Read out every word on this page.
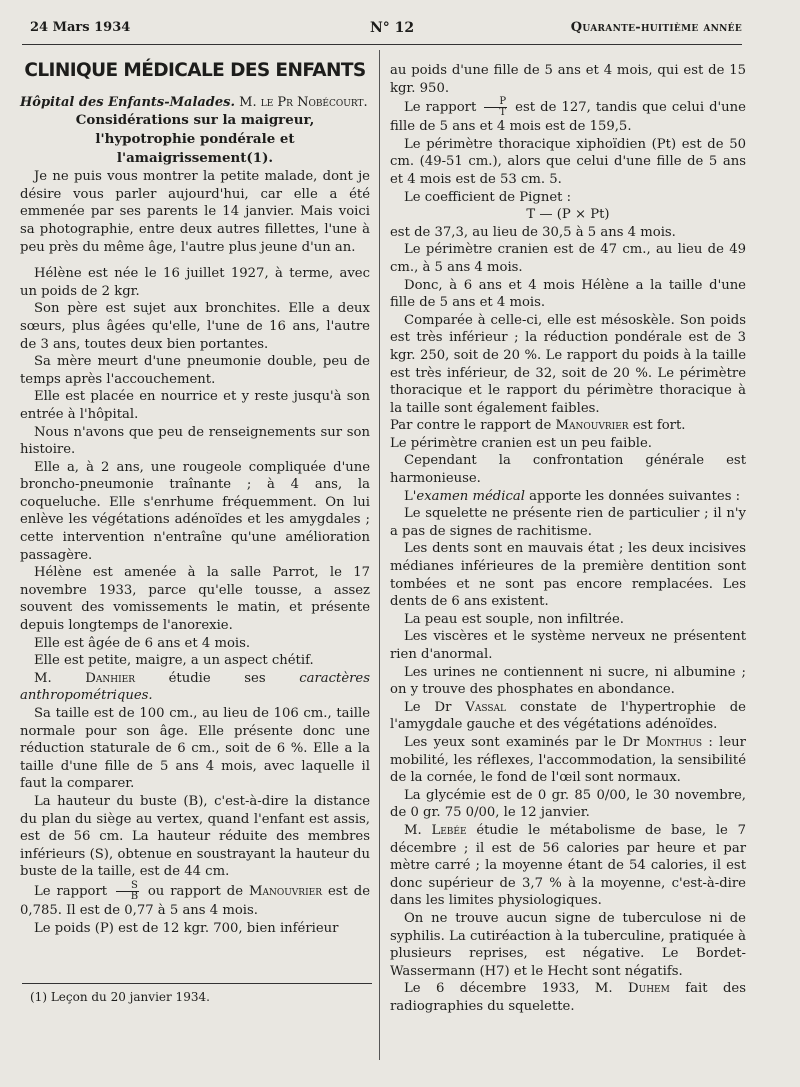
24 Mars 1934	N° 12	Quarante-huitième année
CLINIQUE MÉDICALE DES ENFANTS

Hôpital des Enfants-Malades. M. le Pr Nobécourt.

Considérations sur la maigreur,
l'hypotrophie pondérale et l'amaigrissement(1).

Je ne puis vous montrer la petite malade, dont je désire vous parler aujourd'hui, car elle a été emmenée par ses parents le 14 janvier. Mais voici sa photographie, entre deux autres fillettes, l'une à peu près du même âge, l'autre plus jeune d'un an.

Hélène est née le 16 juillet 1927, à terme, avec un poids de 2 kgr.

Son père est sujet aux bronchites. Elle a deux sœurs, plus âgées qu'elle, l'une de 16 ans, l'autre de 3 ans, toutes deux bien portantes.

Sa mère meurt d'une pneumonie double, peu de temps après l'accouchement.

Elle est placée en nourrice et y reste jusqu'à son entrée à l'hôpital.

Nous n'avons que peu de renseignements sur son histoire.

Elle a, à 2 ans, une rougeole compliquée d'une broncho-pneumonie traînante ; à 4 ans, la coqueluche. Elle s'enrhume fréquemment. On lui enlève les végétations adénoïdes et les amygdales ; cette intervention n'entraîne qu'une amélioration passagère.

Hélène est amenée à la salle Parrot, le 17 novembre 1933, parce qu'elle tousse, a assez souvent des vomissements le matin, et présente depuis longtemps de l'anorexie.

Elle est âgée de 6 ans et 4 mois.

Elle est petite, maigre, a un aspect chétif.

M. Danhier étudie ses caractères anthropométriques.

Sa taille est de 100 cm., au lieu de 106 cm., taille normale pour son âge. Elle présente donc une réduction staturale de 6 cm., soit de 6 %. Elle a la taille d'une fille de 5 ans 4 mois, avec laquelle il faut la comparer.

La hauteur du buste (B), c'est-à-dire la distance du plan du siège au vertex, quand l'enfant est assis, est de 56 cm. La hauteur réduite des membres inférieurs (S), obtenue en soustrayant la hauteur du buste de la taille, est de 44 cm.

Le rapport $\frac{S}{B}$ ou rapport de Manouvrier est de 0,785. Il est de 0,77 à 5 ans 4 mois.

Le poids (P) est de 12 kgr. 700, bien inférieur

(1) Leçon du 20 janvier 1934.

au poids d'une fille de 5 ans et 4 mois, qui est de 15 kgr. 950.

Le rapport $\frac{P}{T}$ est de 127, tandis que celui d'une fille de 5 ans et 4 mois est de 159,5.

Le périmètre thoracique xiphoïdien (Pt) est de 50 cm. (49-51 cm.), alors que celui d'une fille de 5 ans et 4 mois est de 53 cm. 5.

Le coefficient de Pignet :

T — (P × Pt)

est de 37,3, au lieu de 30,5 à 5 ans 4 mois.

Le périmètre cranien est de 47 cm., au lieu de 49 cm., à 5 ans 4 mois.

Donc, à 6 ans et 4 mois Hélène a la taille d'une fille de 5 ans et 4 mois.

Comparée à celle-ci, elle est mésoskèle. Son poids est très inférieur ; la réduction pondérale est de 3 kgr. 250, soit de 20 %. Le rapport du poids à la taille est très inférieur, de 32, soit de 20 %. Le périmètre thoracique et le rapport du périmètre thoracique à la taille sont également faibles.

Par contre le rapport de Manouvrier est fort.

Le périmètre cranien est un peu faible.

Cependant la confrontation générale est harmonieuse.

L'examen médical apporte les données suivantes :

Le squelette ne présente rien de particulier ; il n'y a pas de signes de rachitisme.

Les dents sont en mauvais état ; les deux incisives médianes inférieures de la première dentition sont tombées et ne sont pas encore remplacées. Les dents de 6 ans existent.

La peau est souple, non infiltrée.

Les viscères et le système nerveux ne présentent rien d'anormal.

Les urines ne contiennent ni sucre, ni albumine ; on y trouve des phosphates en abondance.

Le Dr Vassal constate de l'hypertrophie de l'amygdale gauche et des végétations adénoïdes.

Les yeux sont examinés par le Dr Monthus : leur mobilité, les réflexes, l'accommodation, la sensibilité de la cornée, le fond de l'œil sont normaux.

La glycémie est de 0 gr. 85 0/00, le 30 novembre, de 0 gr. 75 0/00, le 12 janvier.

M. Lebée étudie le métabolisme de base, le 7 décembre ; il est de 56 calories par heure et par mètre carré ; la moyenne étant de 54 calories, il est donc supérieur de 3,7 % à la moyenne, c'est-à-dire dans les limites physiologiques.

On ne trouve aucun signe de tuberculose ni de syphilis. La cutiréaction à la tuberculine, pratiquée à plusieurs reprises, est négative. Le Bordet-Wassermann (H7) et le Hecht sont négatifs.

Le 6 décembre 1933, M. Duhem fait des radiographies du squelette.
